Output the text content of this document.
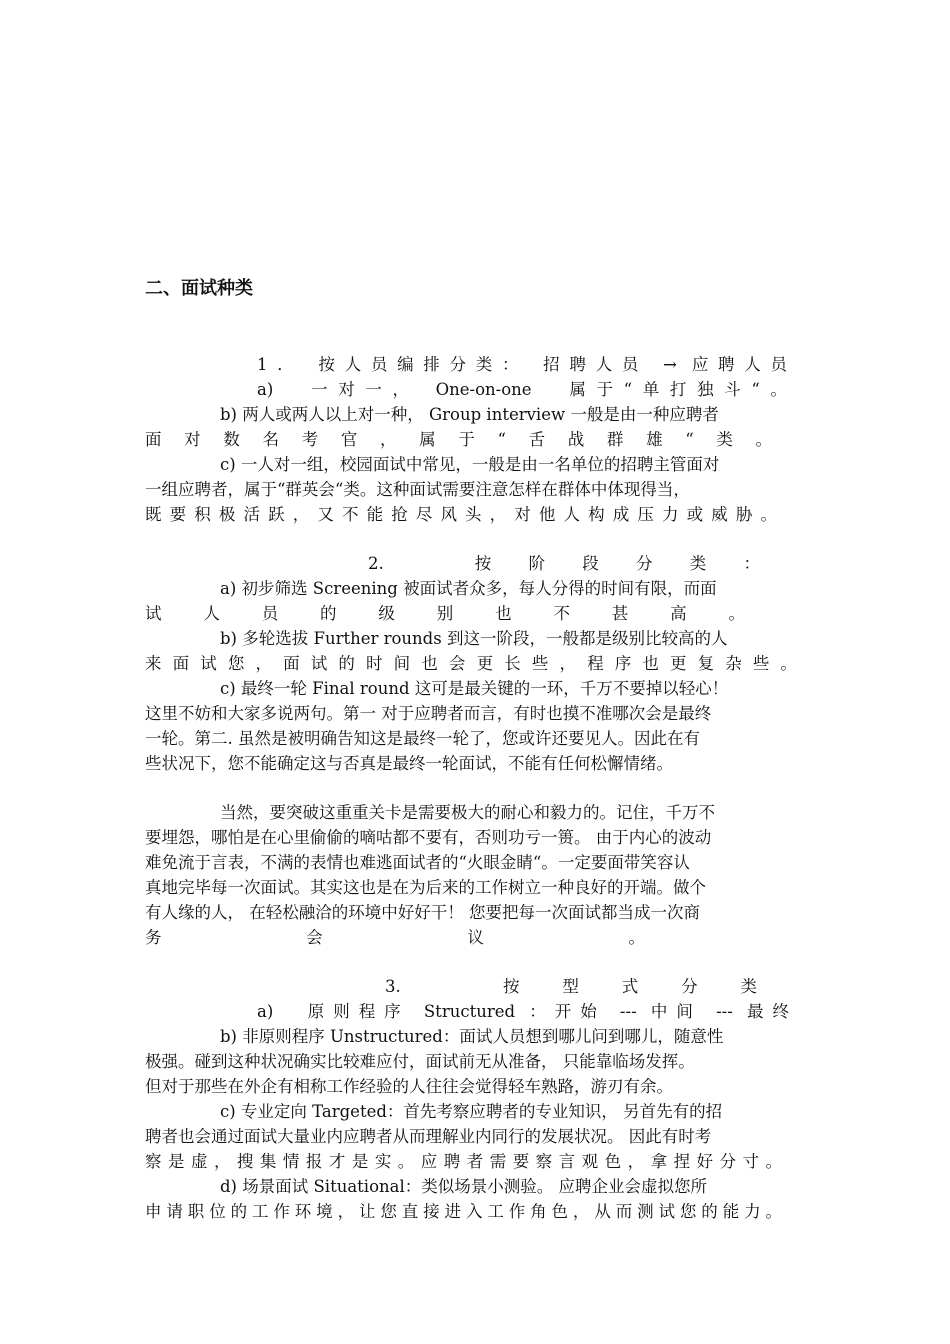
二、面试种类
1． 按人员编排分类： 招聘人员 → 应聘人员
a)　一对一， One-on-one　属于“单打独斗“。
b) 两人或两人以上对一种， Group interview 一般是由一种应聘者
面对数名考官，属于“舌战群雄“类。
c) 一人对一组，校园面试中常见，一般是由一名单位的招聘主管面对
一组应聘者，属于“群英会“类。这种面试需要注意怎样在群体中体现得当，
既要积极活跃，又不能抢尽风头，对他人构成压力或威胁。
2.　按阶段分类：
a) 初步筛选 Screening 被面试者众多，每人分得的时间有限，而面
试人员的级别也不甚高。
b) 多轮选拔 Further rounds 到这一阶段，一般都是级别比较高的人
来面试您，面试的时间也会更长些，程序也更复杂些。
c) 最终一轮 Final round 这可是最关键的一环，千万不要掉以轻心！
这里不妨和大家多说两句。第一 对于应聘者而言，有时也摸不准哪次会是最终
一轮。第二. 虽然是被明确告知这是最终一轮了，您或许还要见人。因此在有
些状况下，您不能确定这与否真是最终一轮面试，不能有任何松懈情绪。
当然，要突破这重重关卡是需要极大的耐心和毅力的。记住，千万不
要埋怨，哪怕是在心里偷偷的嘀咕都不要有，否则功亏一篑。 由于内心的波动
难免流于言表，不满的表情也难逃面试者的“火眼金睛“。一定要面带笑容认
真地完毕每一次面试。其实这也是在为后来的工作树立一种良好的开端。做个
有人缘的人， 在轻松融洽的环境中好好干！ 您要把每一次面试都当成一次商
务会议。
3.　按型式分类
a)　原则程序 Structured ：开始 --- 中间 --- 最终
b) 非原则程序 Unstructured：面试人员想到哪儿问到哪儿，随意性
极强。碰到这种状况确实比较难应付，面试前无从准备， 只能靠临场发挥。
但对于那些在外企有相称工作经验的人往往会觉得轻车熟路，游刃有余。
c) 专业定向 Targeted：首先考察应聘者的专业知识， 另首先有的招
聘者也会通过面试大量业内应聘者从而理解业内同行的发展状况。 因此有时考
察是虚，搜集情报才是实。应聘者需要察言观色，拿捏好分寸。
d) 场景面试 Situational：类似场景小测验。 应聘企业会虚拟您所
申请职位的工作环境，让您直接进入工作角色，从而测试您的能力。
